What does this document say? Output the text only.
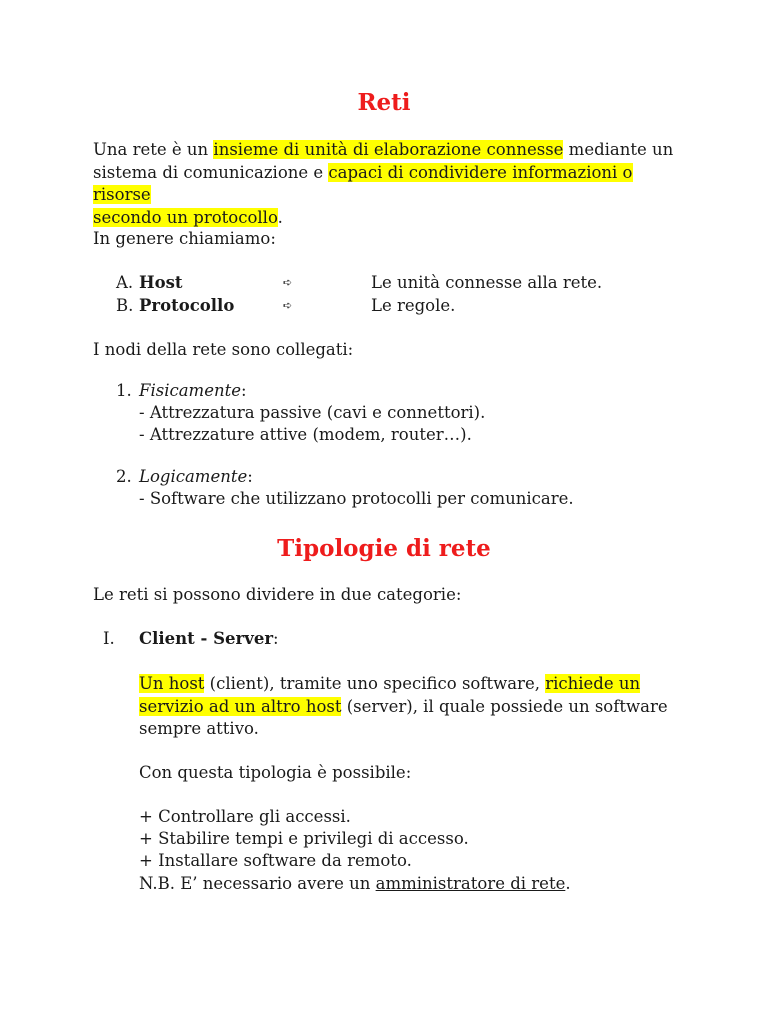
Reti
Una rete è un insieme di unità di elaborazione connesse mediante un
sistema di comunicazione e capaci di condividere informazioni o risorse
secondo un protocollo.
In genere chiamiamo:
A. Host	➪	Le unità connesse alla rete.
B. Protocollo	➪	Le regole.
I nodi della rete sono collegati:
1. Fisicamente:
- Attrezzatura passive (cavi e connettori).
- Attrezzature attive (modem, router…).
2. Logicamente:
- Software che utilizzano protocolli per comunicare.
Tipologie di rete
Le reti si possono dividere in due categorie:
I. Client - Server:
Un host (client), tramite uno specifico software, richiede un
servizio ad un altro host (server), il quale possiede un software
sempre attivo.
Con questa tipologia è possibile:
+ Controllare gli accessi.
+ Stabilire tempi e privilegi di accesso.
+ Installare software da remoto.
N.B. E’ necessario avere un amministratore di rete.
